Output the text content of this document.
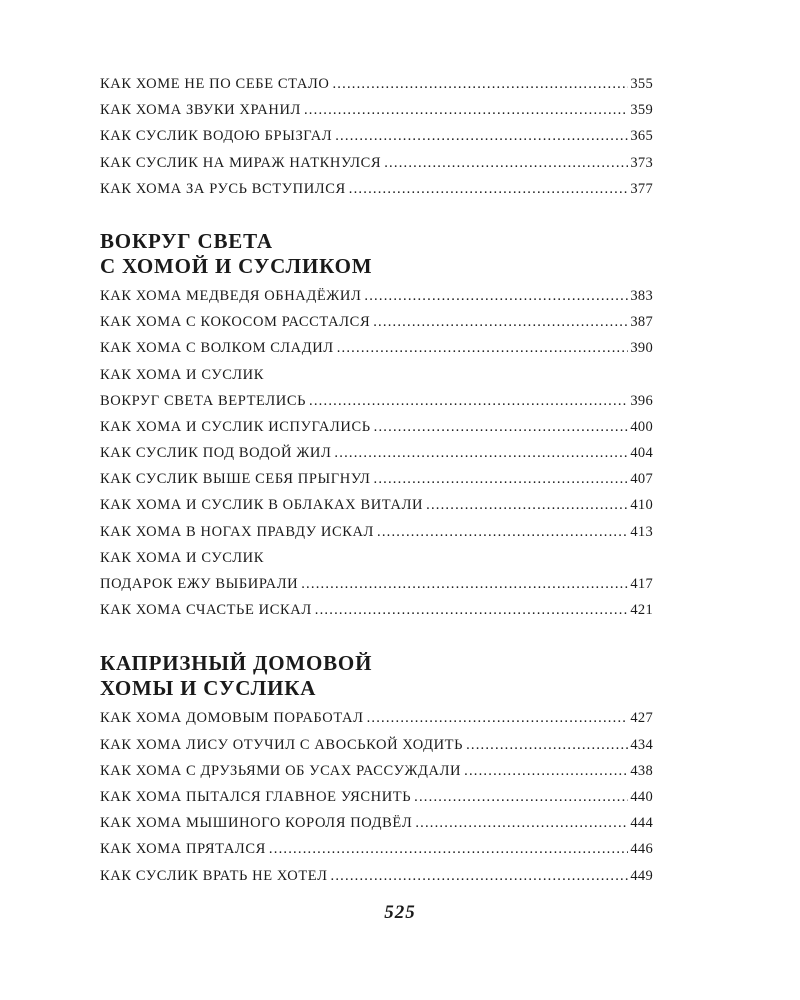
КАК ХОМЕ НЕ ПО СЕБЕ СТАЛО .....	355
КАК ХОМА ЗВУКИ ХРАНИЛ .....	359
КАК СУСЛИК ВОДОЮ БРЫЗГАЛ .....	365
КАК СУСЛИК НА МИРАЖ НАТКНУЛСЯ .....	373
КАК ХОМА ЗА РУСЬ ВСТУПИЛСЯ .....	377
ВОКРУГ СВЕТА
С ХОМОЙ И СУСЛИКОМ
КАК ХОМА МЕДВЕДЯ ОБНАДЁЖИЛ .....	383
КАК ХОМА С КОКОСОМ РАССТАЛСЯ .....	387
КАК ХОМА С ВОЛКОМ СЛАДИЛ .....	390
КАК ХОМА И СУСЛИК
ВОКРУГ СВЕТА ВЕРТЕЛИСЬ .....	396
КАК ХОМА И СУСЛИК ИСПУГАЛИСЬ .....	400
КАК СУСЛИК ПОД ВОДОЙ ЖИЛ .....	404
КАК СУСЛИК ВЫШЕ СЕБЯ ПРЫГНУЛ .....	407
КАК ХОМА И СУСЛИК В ОБЛАКАХ ВИТАЛИ .....	410
КАК ХОМА В НОГАХ ПРАВДУ ИСКАЛ .....	413
КАК ХОМА И СУСЛИК
ПОДАРОК ЕЖУ ВЫБИРАЛИ .....	417
КАК ХОМА СЧАСТЬЕ ИСКАЛ .....	421
КАПРИЗНЫЙ ДОМОВОЙ
ХОМЫ И СУСЛИКА
КАК ХОМА ДОМОВЫМ ПОРАБОТАЛ .....	427
КАК ХОМА ЛИСУ ОТУЧИЛ С АВОСЬКОЙ ХОДИТЬ .....	434
КАК ХОМА С ДРУЗЬЯМИ ОБ УСАХ РАССУЖДАЛИ .....	438
КАК ХОМА ПЫТАЛСЯ ГЛАВНОЕ УЯСНИТЬ .....	440
КАК ХОМА МЫШИНОГО КОРОЛЯ ПОДВЁЛ .....	444
КАК ХОМА ПРЯТАЛСЯ .....	446
КАК СУСЛИК ВРАТЬ НЕ ХОТЕЛ .....	449
525
